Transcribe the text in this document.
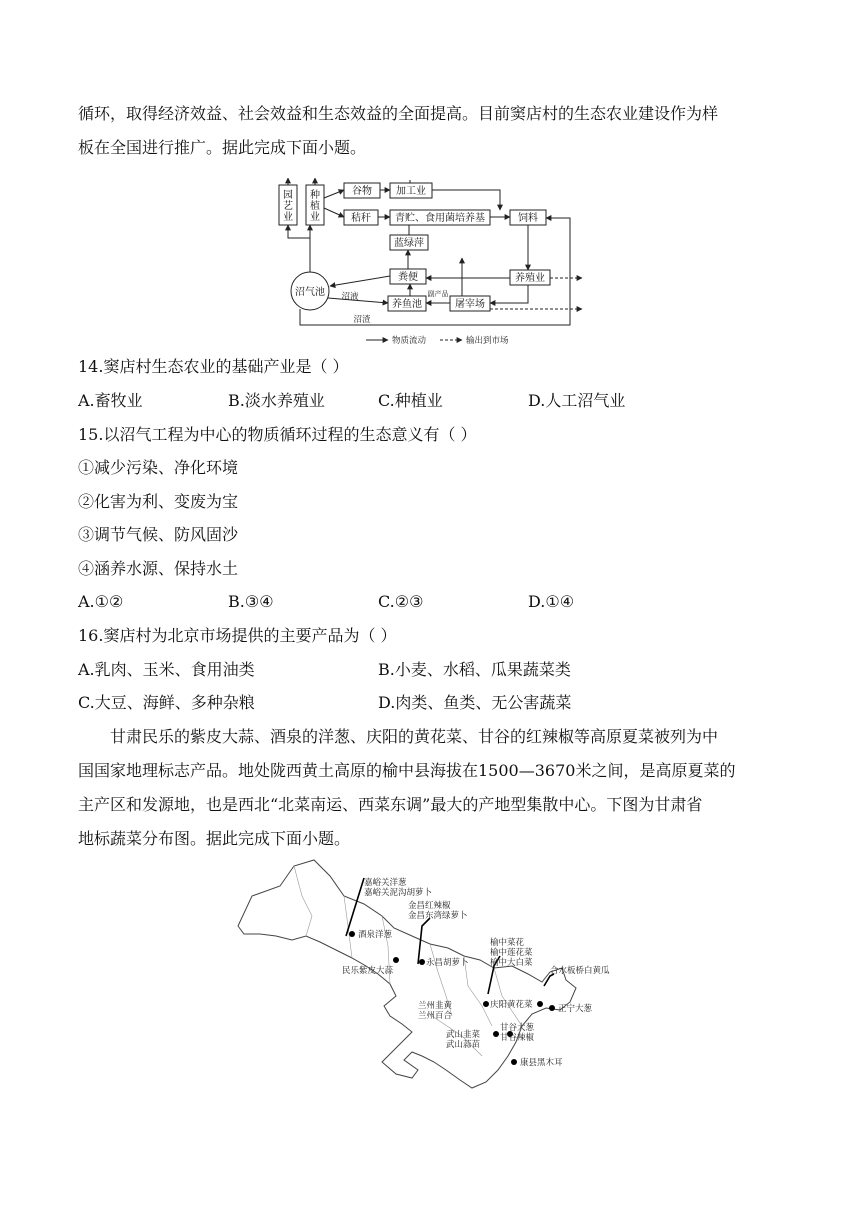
循环，取得经济效益、社会效益和生态效益的全面提高。目前窦店村的生态农业建设作为样
板在全国进行推广。据此完成下面小题。
园
艺
业
种
植
业
谷物 加工业
秸秆 青贮、食用菌培养基	饲料
蓝绿萍
粪便	养殖业
沼气池
养鱼池	屠宰场
沼液
沼渣
副产品
物质流动	输出到市场
14.窦店村生态农业的基础产业是（ ）
A.畜牧业	B.淡水养殖业	C.种植业	D.人工沼气业
15.以沼气工程为中心的物质循环过程的生态意义有（ ）
①减少污染、净化环境
②化害为利、变废为宝
③调节气候、防风固沙
④涵养水源、保持水土
A.①②	B.③④	C.②③	D.①④
16.窦店村为北京市场提供的主要产品为（ ）
A.乳肉、玉米、食用油类	B.小麦、水稻、瓜果蔬菜类
C.大豆、海鲜、多种杂粮	D.肉类、鱼类、无公害蔬菜
甘肃民乐的紫皮大蒜、酒泉的洋葱、庆阳的黄花菜、甘谷的红辣椒等高原夏菜被列为中
国国家地理标志产品。地处陇西黄土高原的榆中县海拔在1500—3670米之间，是高原夏菜的
主产区和发源地，也是西北“北菜南运、西菜东调”最大的产地型集散中心。下图为甘肃省
地标蔬菜分布图。据此完成下面小题。
嘉峪关洋葱
嘉峪关泥沟胡萝卜
酒泉洋葱
金昌红辣椒
金昌东湾绿萝卜
永昌胡萝卜
民乐紫皮大蒜
榆中菜花
榆中莲花菜
榆中大白菜
合水板桥白黄瓜
兰州韭黄
兰州百合
庆阳黄花菜	正宁大葱
武山韭菜
武山蒜苗
甘谷大葱
甘谷辣椒
康县黑木耳
